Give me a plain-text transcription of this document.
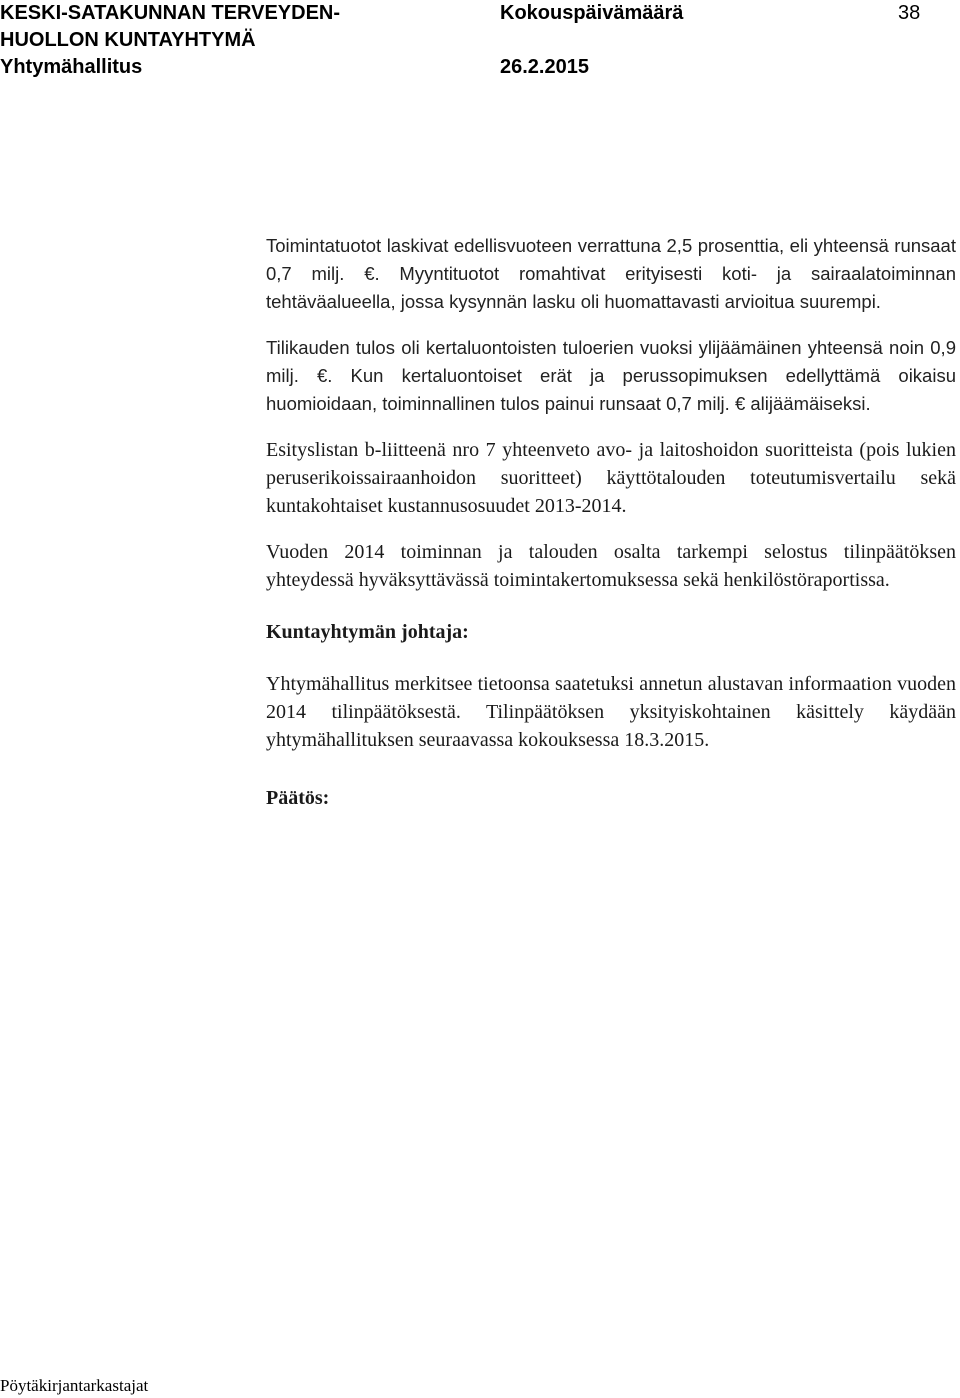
KESKI-SATAKUNNAN TERVEYDEN-
HUOLLON KUNTAYHTYMÄ
Yhtymähallitus
Kokouspäivämäärä
26.2.2015
38

Toimintatuotot laskivat edellisvuoteen verrattuna 2,5 prosenttia, eli yhteensä runsaat 0,7 milj. €. Myyntituotot romahtivat erityisesti koti- ja sairaalatoiminnan tehtäväalueella, jossa kysynnän lasku oli huomattavasti arvioitua suurempi.

Tilikauden tulos oli kertaluontoisten tuloerien vuoksi ylijäämäinen yhteensä noin 0,9 milj. €. Kun kertaluontoiset erät ja perussopimuksen edellyttämä oikaisu huomioidaan, toiminnallinen tulos painui runsaat 0,7 milj. € alijäämäiseksi.

Esityslistan b-liitteenä nro 7 yhteenveto avo- ja laitoshoidon suoritteista (pois lukien peruserikoissairaanhoidon suoritteet) käyttötalouden toteutumisvertailu sekä kuntakohtaiset kustannusosuudet 2013-2014.

Vuoden 2014 toiminnan ja talouden osalta tarkempi selostus tilinpäätöksen yhteydessä hyväksyttävässä toimintakertomuksessa sekä henkilöstöraportissa.

Kuntayhtymän johtaja:

Yhtymähallitus merkitsee tietoonsa saatetuksi annetun alustavan informaation vuoden 2014 tilinpäätöksestä. Tilinpäätöksen yksityiskohtainen käsittely käydään yhtymähallituksen seuraavassa kokouksessa 18.3.2015.

Päätös:
Pöytäkirjantarkastajat
